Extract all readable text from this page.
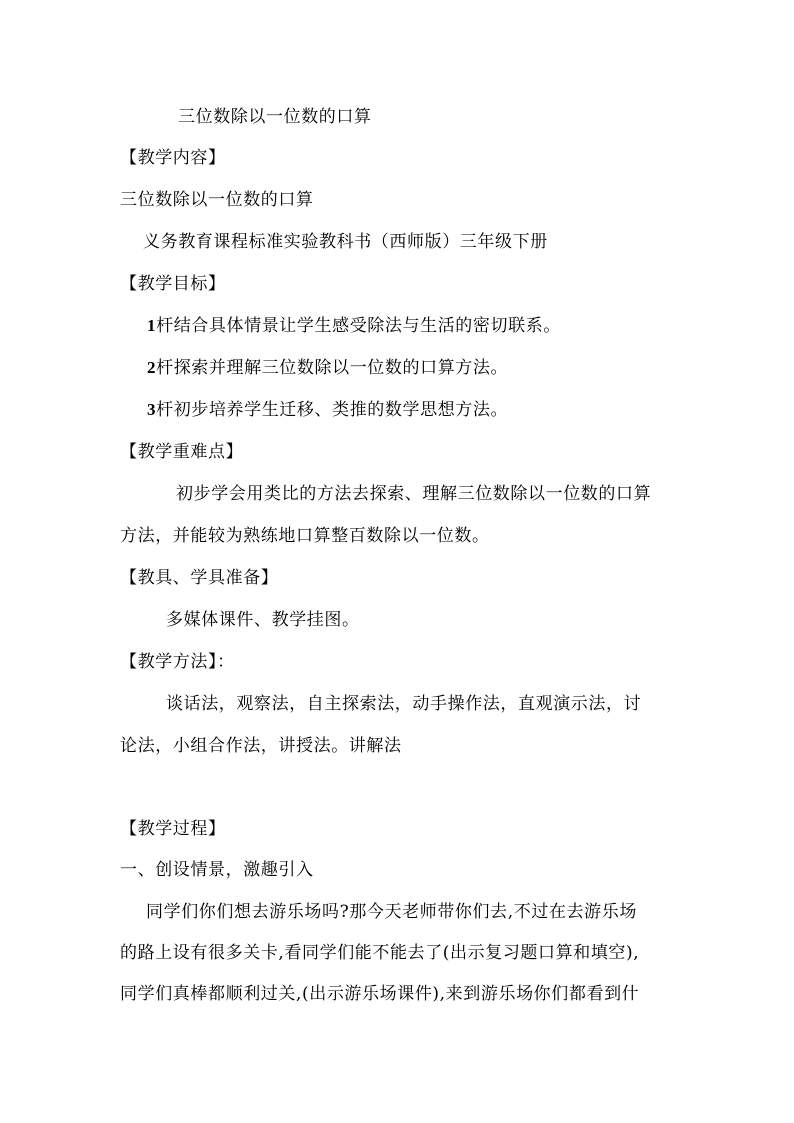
三位数除以一位数的口算
【教学内容】
三位数除以一位数的口算
义务教育课程标准实验教科书（西师版）三年级下册
【教学目标】
1杆结合具体情景让学生感受除法与生活的密切联系。
2杆探索并理解三位数除以一位数的口算方法。
3杆初步培养学生迁移、类推的数学思想方法。
【教学重难点】
初步学会用类比的方法去探索、理解三位数除以一位数的口算
方法，并能较为熟练地口算整百数除以一位数。
【教具、学具准备】
多媒体课件、教学挂图。
【教学方法】：
谈话法，观察法，自主探索法，动手操作法，直观演示法，讨
论法，小组合作法，讲授法。讲解法
【教学过程】
一、创设情景，激趣引入
同学们你们想去游乐场吗?那今天老师带你们去,不过在去游乐场
的路上设有很多关卡,看同学们能不能去了(出示复习题口算和填空),
同学们真棒都顺利过关,(出示游乐场课件),来到游乐场你们都看到什
